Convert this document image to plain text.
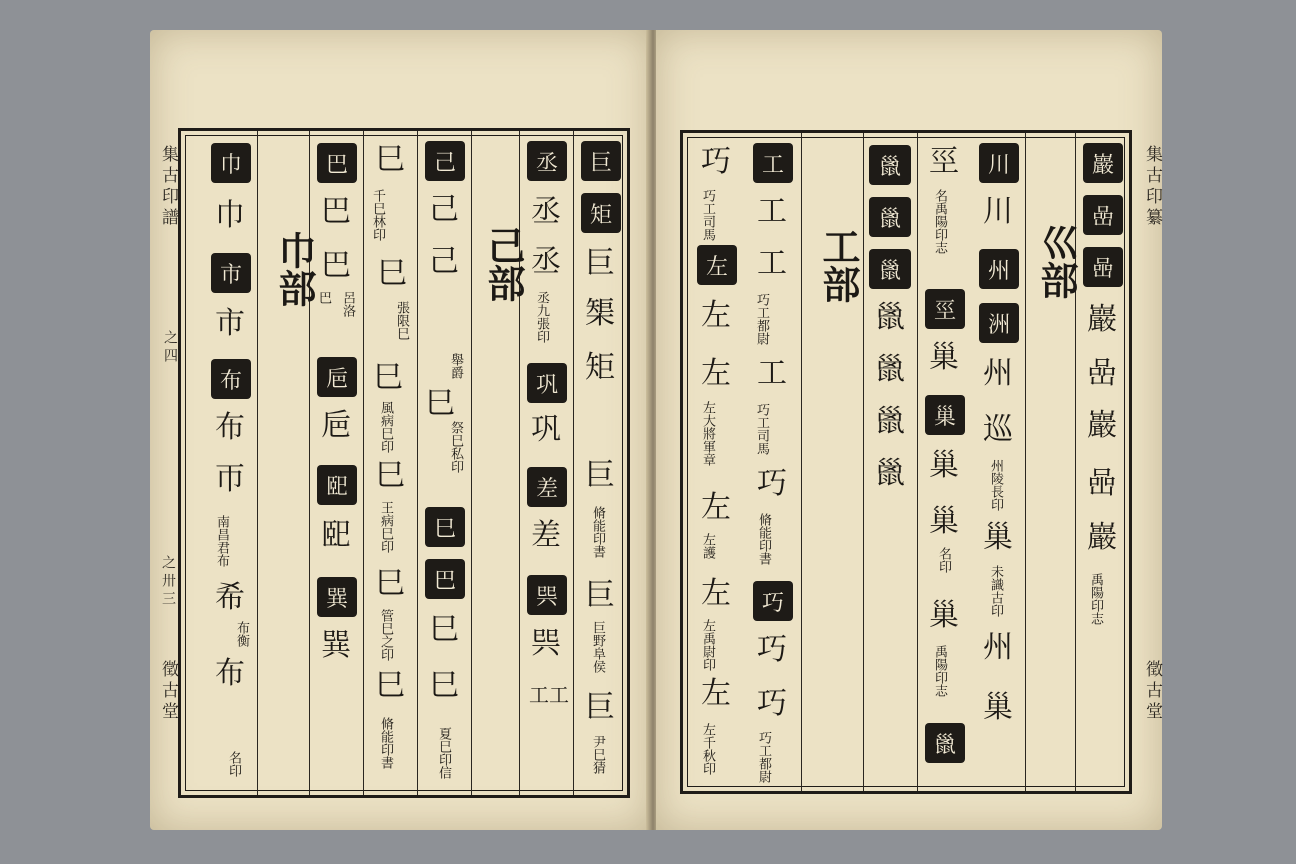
集古印譜
之四
之卅三
徵古堂
巨
矩
巨
榘
矩
巨
巨
巨
脩能印書
巨野阜侯
尹巳猜
丞
丞
丞
丞九張印
巩
巩
差
差
巺
巺
工工
己部
己
己
己
舉爵
巳
祭巳私印
巳
巴
巳
巳
夏巳印信
巳
千巳林印
巳
張限巳
巳
風病巳印
巳
王病巳印
巳
管巳之印
巳
脩能印書
巴
巴
巴
巴 呂洛
巵
巵
巸
巸
巽
巽
巾部
巾
巾
市
市
布
布
帀
南昌君布
希
布衡
布
名印
集古印纂
徵古堂
巖
嵒
喦
巖
嵒
巖
喦
巖
禹陽印志
巛部
川
川
州
洲
州
巡
州陵長印
巢
未識古印
州
巢
巠
名禹陽印志
巠
巢
巢
巢
巢
名印
巢
禹陽印志
巤
巤
巤
巤
巤
巤
巤
巤
工部
工
工
工
巧工都尉
工
巧工司馬
巧
脩能印書
巧
巧
巧
巧工都尉
巧
巧工司馬
左
左
左
左大將軍章
左
左護
左
左禹尉印
左
左千秋印
